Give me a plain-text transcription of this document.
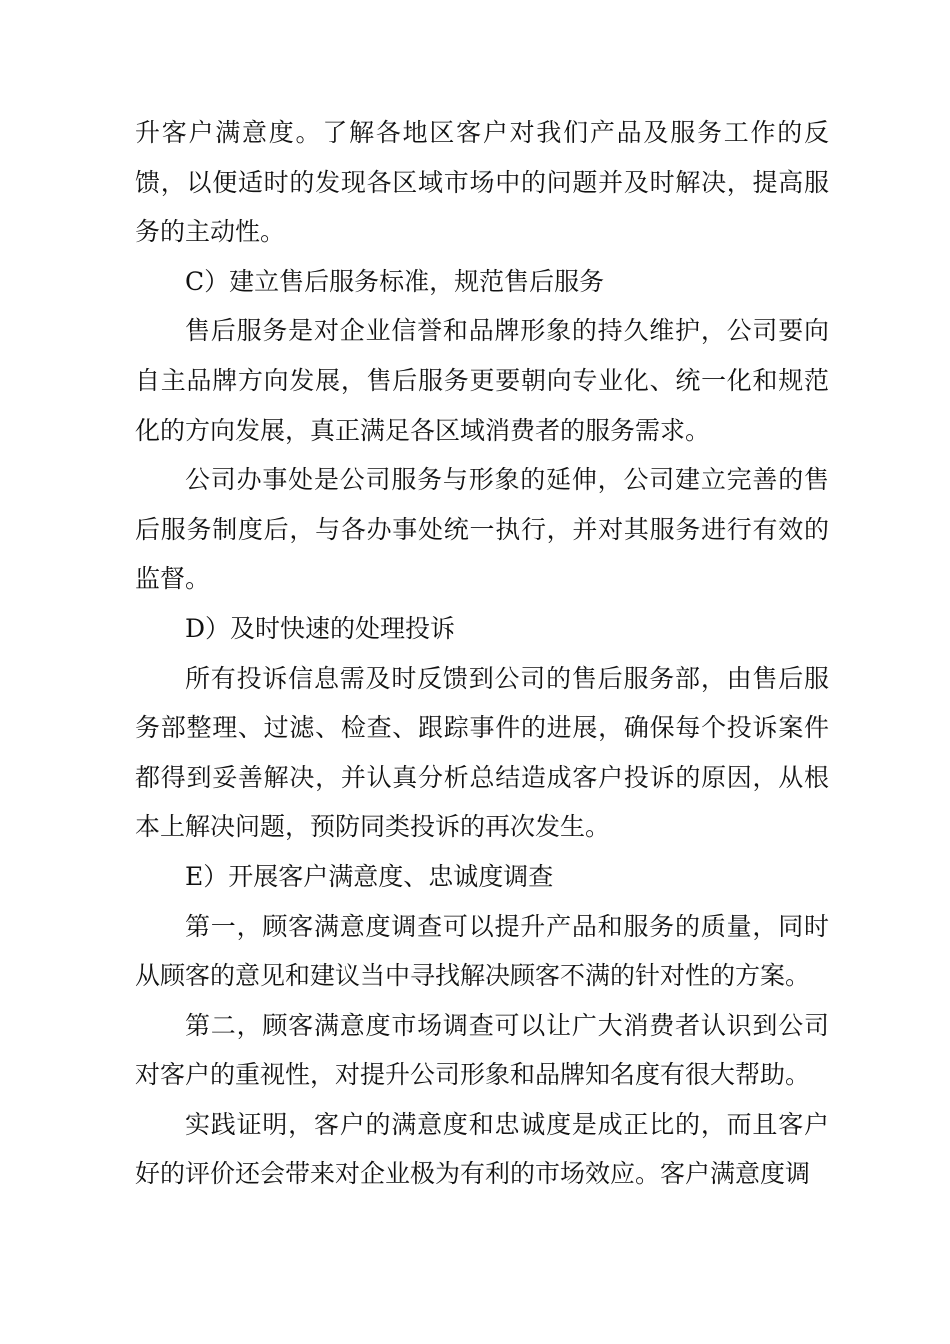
升客户满意度。了解各地区客户对我们产品及服务工作的反馈，以便适时的发现各区域市场中的问题并及时解决，提高服务的主动性。

C）建立售后服务标准，规范售后服务

售后服务是对企业信誉和品牌形象的持久维护，公司要向自主品牌方向发展，售后服务更要朝向专业化、统一化和规范化的方向发展，真正满足各区域消费者的服务需求。

公司办事处是公司服务与形象的延伸，公司建立完善的售后服务制度后，与各办事处统一执行，并对其服务进行有效的监督。

D）及时快速的处理投诉

所有投诉信息需及时反馈到公司的售后服务部，由售后服务部整理、过滤、检查、跟踪事件的进展，确保每个投诉案件都得到妥善解决，并认真分析总结造成客户投诉的原因，从根本上解决问题，预防同类投诉的再次发生。

E）开展客户满意度、忠诚度调查

第一，顾客满意度调查可以提升产品和服务的质量，同时从顾客的意见和建议当中寻找解决顾客不满的针对性的方案。

第二，顾客满意度市场调查可以让广大消费者认识到公司对客户的重视性，对提升公司形象和品牌知名度有很大帮助。

实践证明，客户的满意度和忠诚度是成正比的，而且客户好的评价还会带来对企业极为有利的市场效应。客户满意度调
